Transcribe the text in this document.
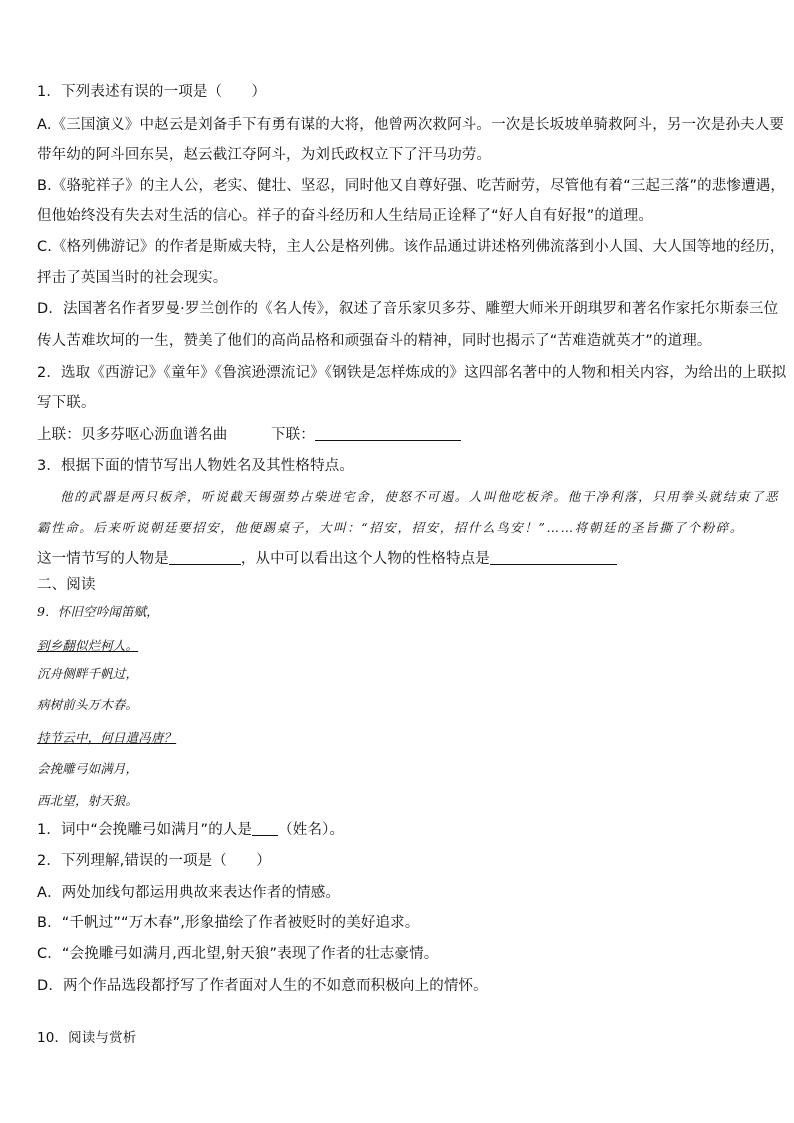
1．下列表述有误的一项是（　　）
A.《三国演义》中赵云是刘备手下有勇有谋的大将，他曾两次救阿斗。一次是长坂坡单骑救阿斗，另一次是孙夫人要
带年幼的阿斗回东吴，赵云截江夺阿斗，为刘氏政权立下了汗马功劳。
B.《骆驼祥子》的主人公，老实、健壮、坚忍，同时他又自尊好强、吃苦耐劳，尽管他有着“三起三落”的悲惨遭遇，
但他始终没有失去对生活的信心。祥子的奋斗经历和人生结局正诠释了“好人自有好报”的道理。
C.《格列佛游记》的作者是斯威夫特，主人公是格列佛。该作品通过讲述格列佛流落到小人国、大人国等地的经历，
抨击了英国当时的社会现实。
D．法国著名作者罗曼·罗兰创作的《名人传》，叙述了音乐家贝多芬、雕塑大师米开朗琪罗和著名作家托尔斯泰三位
传人苦难坎坷的一生，赞美了他们的高尚品格和顽强奋斗的精神，同时也揭示了“苦难造就英才”的道理。
2．选取《西游记》《童年》《鲁滨逊漂流记》《钢铁是怎样炼成的》这四部名著中的人物和相关内容，为给出的上联拟
写下联。
上联：贝多芬呕心沥血谱名曲	下联：
3．根据下面的情节写出人物姓名及其性格特点。
他的武器是两只板斧，听说截天锡强势占柴进宅舍，使怒不可遏。人叫他吃板斧。他干净利落，只用拳头就结束了恶
霸性命。后来听说朝廷要招安，他便踢桌子，大叫：“招安，招安，招什么鸟安！”……将朝廷的圣旨撕了个粉碎。
这一情节写的人物是	，从中可以看出这个人物的性格特点是
二、阅读
9．怀旧空吟闻笛赋，
到乡翻似烂柯人。
沉舟侧畔千帆过，
病树前头万木春。
持节云中，何日遣冯唐？
会挽雕弓如满月，
西北望，射天狼。
1．词中“会挽雕弓如满月”的人是 （姓名）。
2．下列理解,错误的一项是（　　）
A．两处加线句都运用典故来表达作者的情感。
B．“千帆过”“万木春”,形象描绘了作者被贬时的美好追求。
C．“会挽雕弓如满月,西北望,射天狼”表现了作者的壮志豪情。
D．两个作品选段都抒写了作者面对人生的不如意而积极向上的情怀。
10．阅读与赏析
